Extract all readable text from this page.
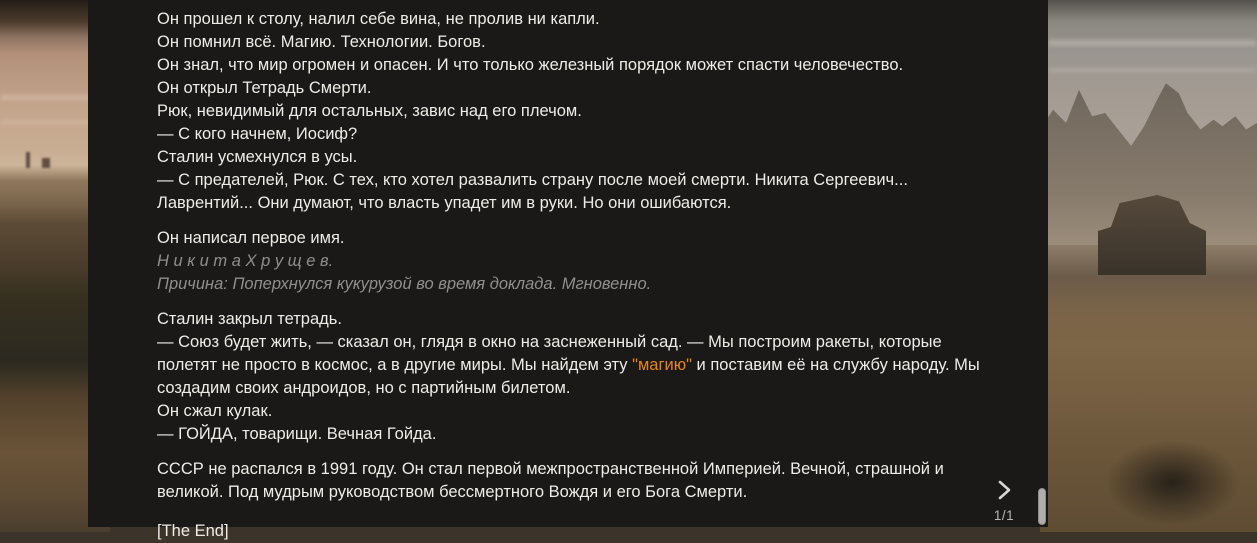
Он прошел к столу, налил себе вина, не пролив ни капли.
Он помнил всё. Магию. Технологии. Богов.
Он знал, что мир огромен и опасен. И что только железный порядок может спасти человечество.
Он открыл Тетрадь Смерти.
Рюк, невидимый для остальных, завис над его плечом.
— С кого начнем, Иосиф?
Сталин усмехнулся в усы.
— С предателей, Рюк. С тех, кто хотел развалить страну после моей смерти. Никита Сергеевич... Лаврентий... Они думают, что власть упадет им в руки. Но они ошибаются.
Он написал первое имя.
Н и к и т а Х р у щ е в.
Причина: Поперхнулся кукурузой во время доклада. Мгновенно.
Сталин закрыл тетрадь.
— Союз будет жить, — сказал он, глядя в окно на заснеженный сад. — Мы построим ракеты, которые полетят не просто в космос, а в другие миры. Мы найдем эту "магию" и поставим её на службу народу. Мы создадим своих андроидов, но с партийным билетом.
Он сжал кулак.
— ГОЙДА, товарищи. Вечная Гойда.
СССР не распался в 1991 году. Он стал первой межпространственной Империей. Вечной, страшной и великой. Под мудрым руководством бессмертного Вождя и его Бога Смерти.
[The End]
1/1
